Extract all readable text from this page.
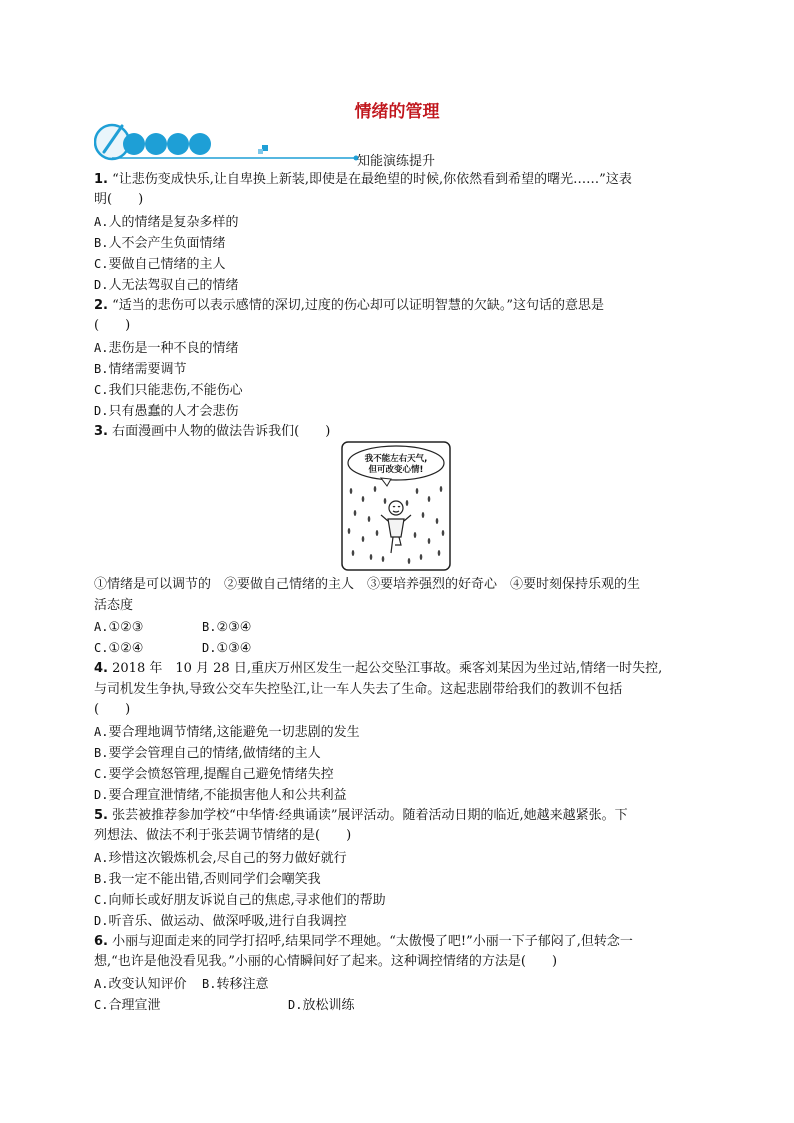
情绪的管理
知能演练提升
1. “让悲伤变成快乐,让自卑换上新装,即使是在最绝望的时候,你依然看到希望的曙光……”这表
明(　　)
A.人的情绪是复杂多样的
B.人不会产生负面情绪
C.要做自己情绪的主人
D.人无法驾驭自己的情绪
2. “适当的悲伤可以表示感情的深切,过度的伤心却可以证明智慧的欠缺。”这句话的意思是
(　　)
A.悲伤是一种不良的情绪
B.情绪需要调节
C.我们只能悲伤,不能伤心
D.只有愚蠢的人才会悲伤
3. 右面漫画中人物的做法告诉我们(　　)
我不能左右天气,
但可改变心情!
①情绪是可以调节的　②要做自己情绪的主人　③要培养强烈的好奇心　④要时刻保持乐观的生
活态度
A.①②③	B.②③④
C.①②④	D.①③④
4. 2018 年　10 月 28 日,重庆万州区发生一起公交坠江事故。乘客刘某因为坐过站,情绪一时失控,
与司机发生争执,导致公交车失控坠江,让一车人失去了生命。这起悲剧带给我们的教训不包括
(　　)
A.要合理地调节情绪,这能避免一切悲剧的发生
B.要学会管理自己的情绪,做情绪的主人
C.要学会愤怒管理,提醒自己避免情绪失控
D.要合理宣泄情绪,不能损害他人和公共利益
5. 张芸被推荐参加学校“中华情·经典诵读”展评活动。随着活动日期的临近,她越来越紧张。下
列想法、做法不利于张芸调节情绪的是(　　)
A.珍惜这次锻炼机会,尽自己的努力做好就行
B.我一定不能出错,否则同学们会嘲笑我
C.向师长或好朋友诉说自己的焦虑,寻求他们的帮助
D.听音乐、做运动、做深呼吸,进行自我调控
6. 小丽与迎面走来的同学打招呼,结果同学不理她。“太傲慢了吧!”小丽一下子郁闷了,但转念一
想,“也许是他没看见我。”小丽的心情瞬间好了起来。这种调控情绪的方法是(　　)
A.改变认知评价 B.转移注意
C.合理宣泄	D.放松训练
